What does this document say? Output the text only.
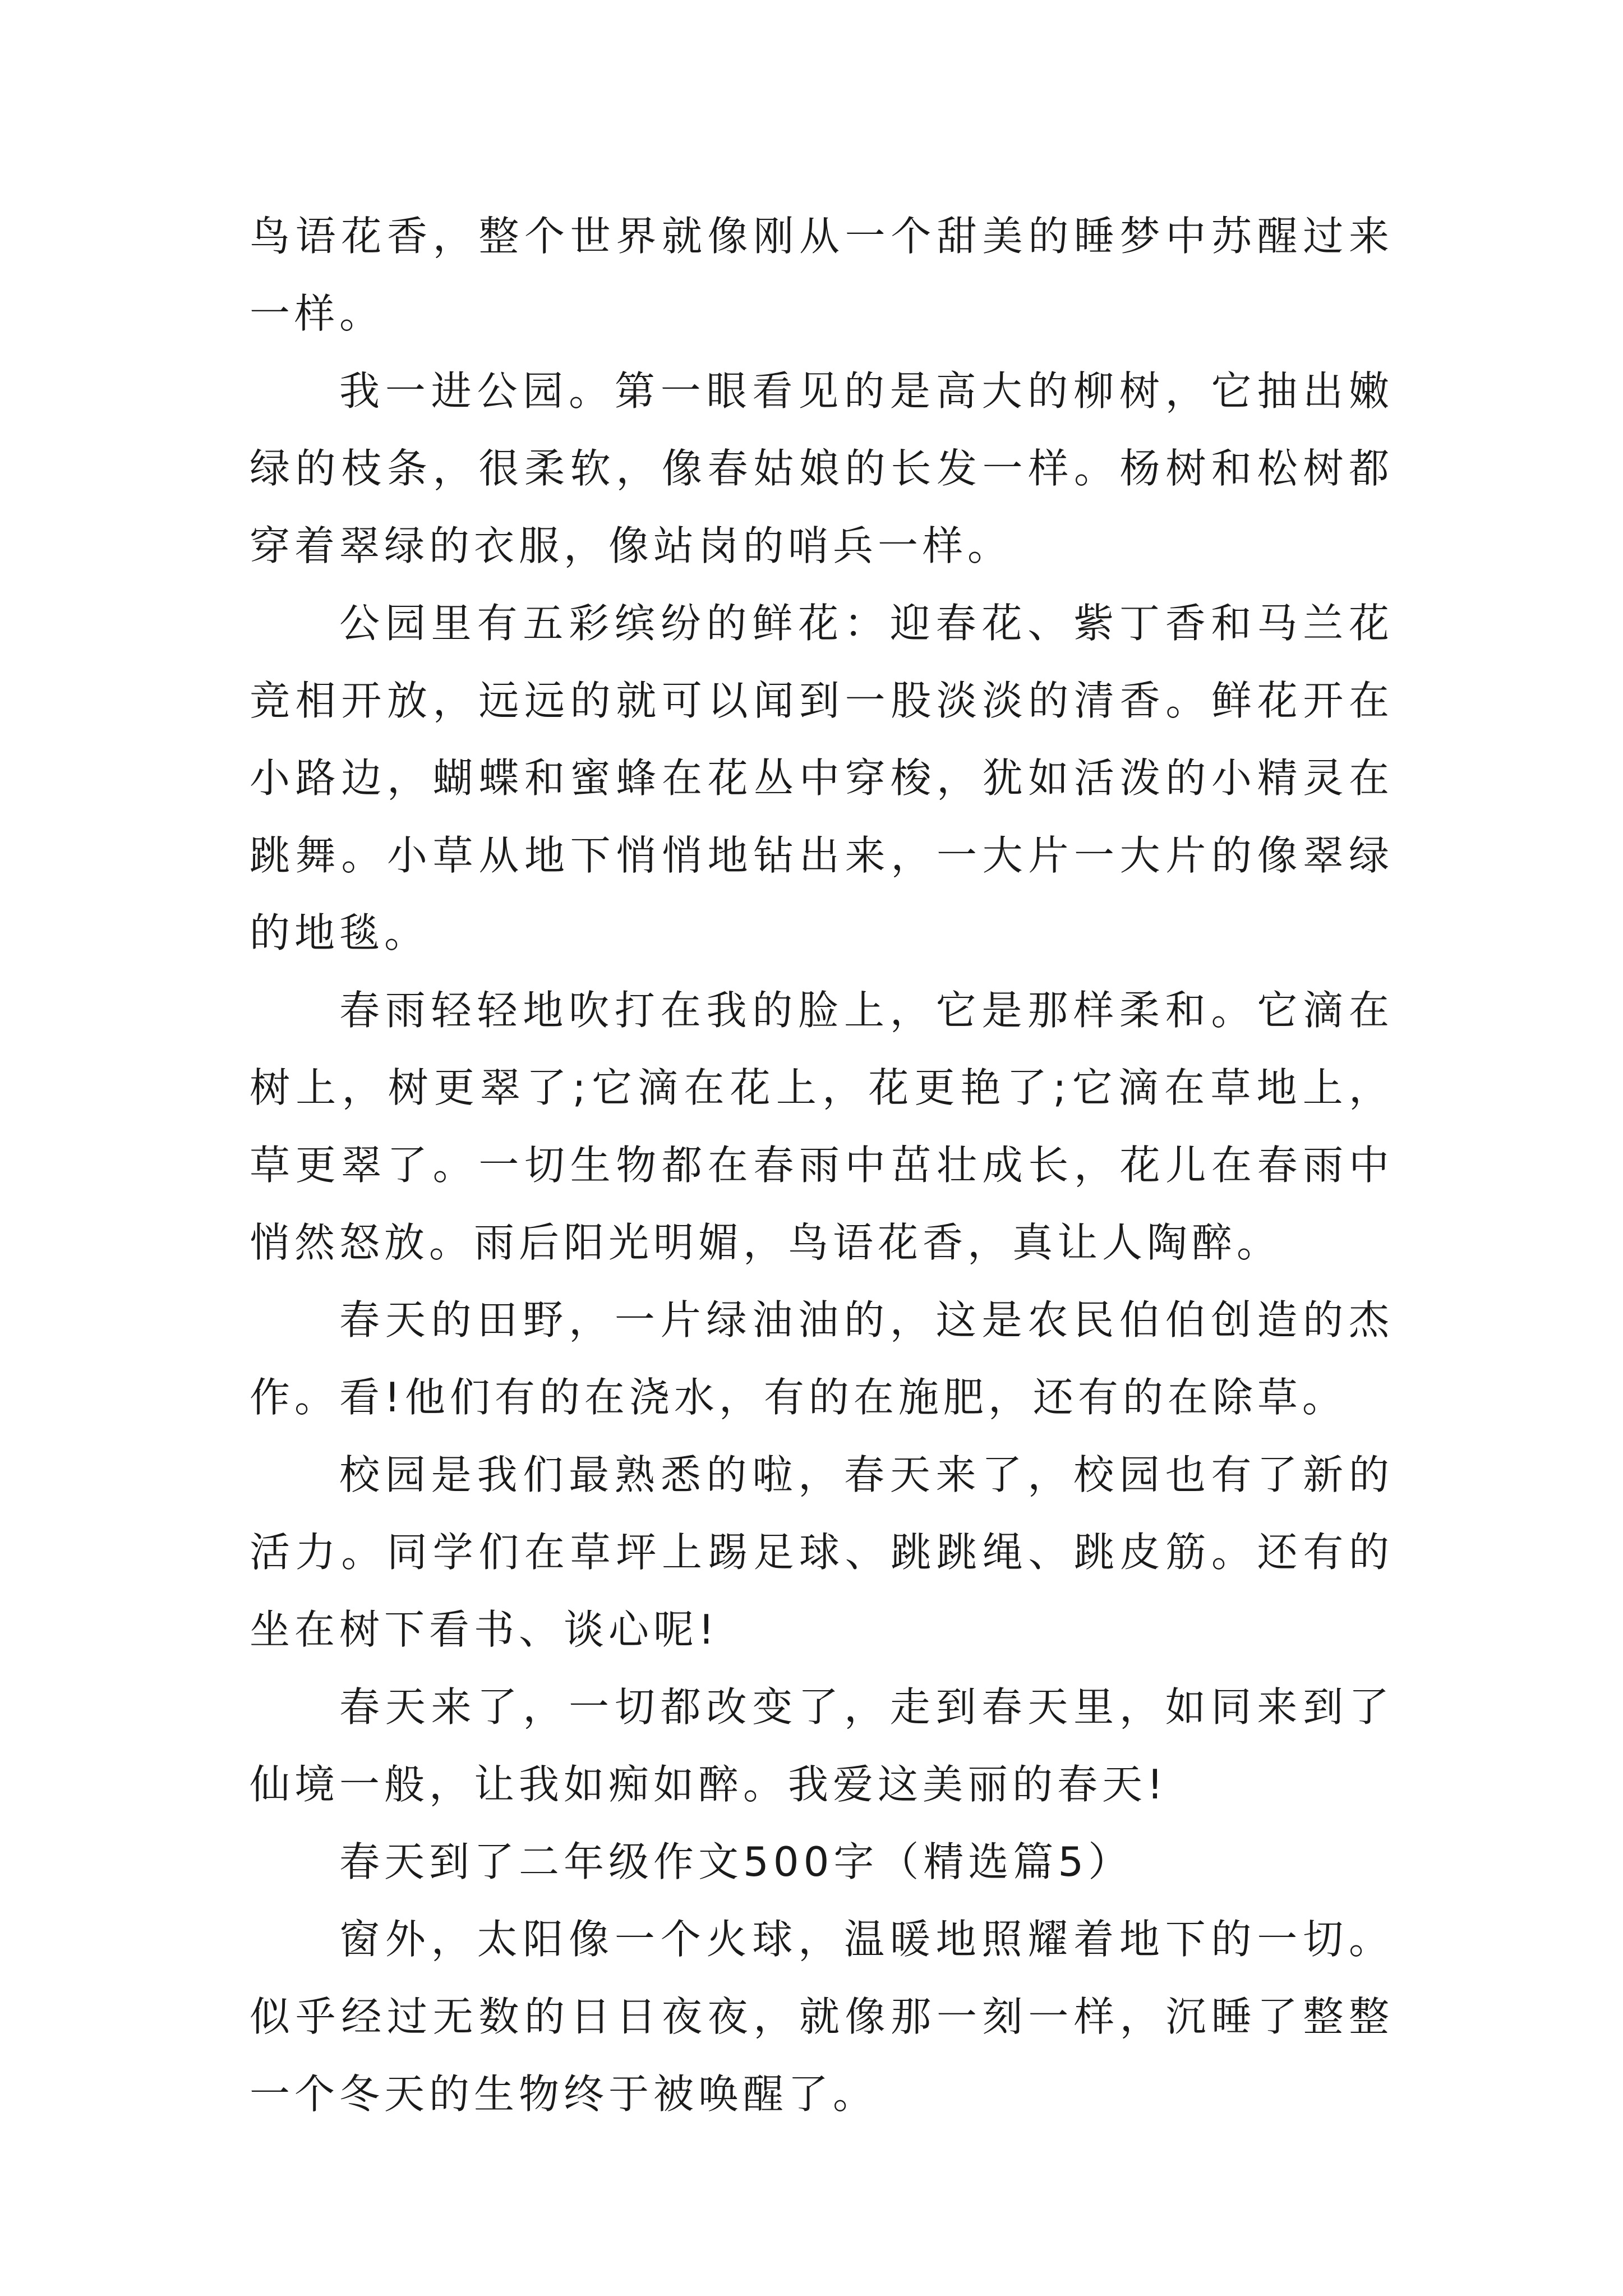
鸟语花香，整个世界就像刚从一个甜美的睡梦中苏醒过来一样。

我一进公园。第一眼看见的是高大的柳树，它抽出嫩绿的枝条，很柔软，像春姑娘的长发一样。杨树和松树都穿着翠绿的衣服，像站岗的哨兵一样。

公园里有五彩缤纷的鲜花：迎春花、紫丁香和马兰花竞相开放，远远的就可以闻到一股淡淡的清香。鲜花开在小路边，蝴蝶和蜜蜂在花丛中穿梭，犹如活泼的小精灵在跳舞。小草从地下悄悄地钻出来，一大片一大片的像翠绿的地毯。

春雨轻轻地吹打在我的脸上，它是那样柔和。它滴在树上，树更翠了;它滴在花上，花更艳了;它滴在草地上，草更翠了。一切生物都在春雨中茁壮成长，花儿在春雨中悄然怒放。雨后阳光明媚，鸟语花香，真让人陶醉。

春天的田野，一片绿油油的，这是农民伯伯创造的杰作。看!他们有的在浇水，有的在施肥，还有的在除草。

校园是我们最熟悉的啦，春天来了，校园也有了新的活力。同学们在草坪上踢足球、跳跳绳、跳皮筋。还有的坐在树下看书、谈心呢!

春天来了，一切都改变了，走到春天里，如同来到了仙境一般，让我如痴如醉。我爱这美丽的春天!

春天到了二年级作文500字（精选篇5）

窗外，太阳像一个火球，温暖地照耀着地下的一切。似乎经过无数的日日夜夜，就像那一刻一样，沉睡了整整一个冬天的生物终于被唤醒了。
